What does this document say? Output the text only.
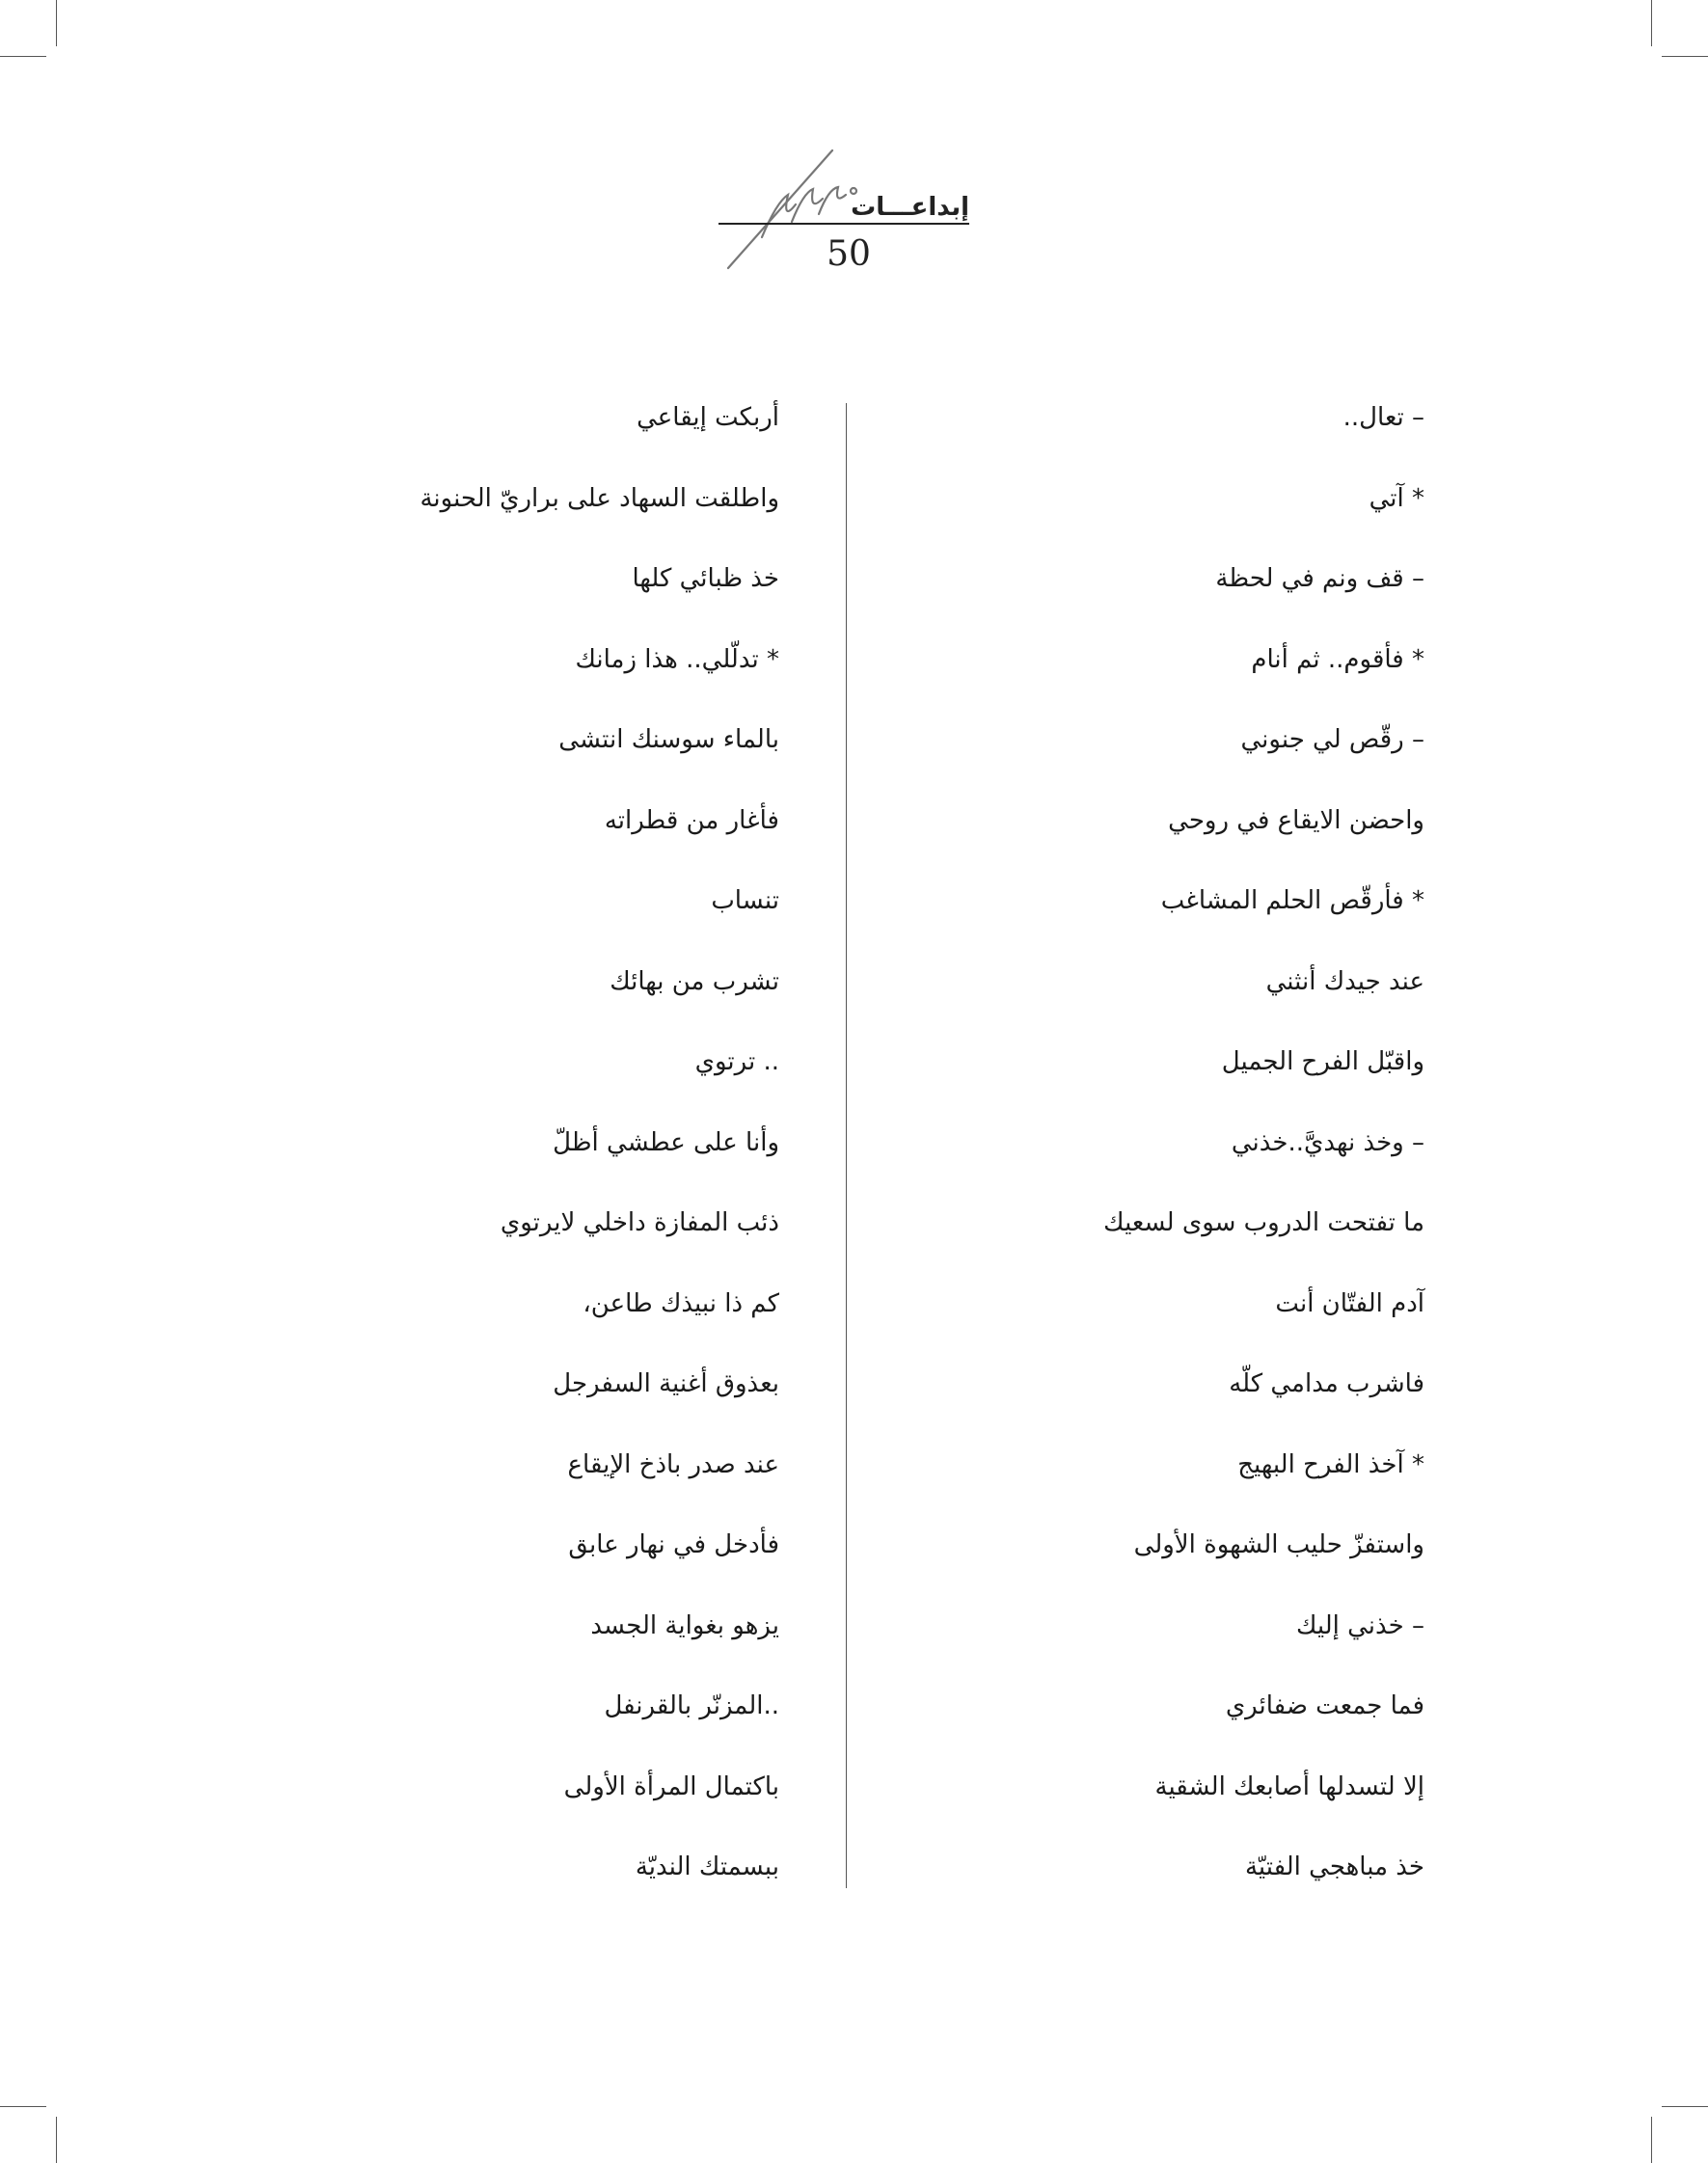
إبداعـــات
50
– تعال..
* آتي
– قف ونم في لحظة
* فأقوم.. ثم أنام
– رقّص لي جنوني
واحضن الايقاع في روحي
* فأرقّص الحلم المشاغب
عند جيدك أنثني
واقبّل الفرح الجميل
– وخذ نهديَّ..خذني
ما تفتحت الدروب سوى لسعيك
آدم الفتّان أنت
فاشرب مدامي كلّه
* آخذ الفرح البهيج
واستفزّ حليب الشهوة الأولى
– خذني إليك
فما جمعت ضفائري
إلا لتسدلها أصابعك الشقية
خذ مباهجي الفتيّة
أربكت إيقاعي
واطلقت السهاد على براريّ الحنونة
خذ ظبائي كلها
* تدلّلي.. هذا زمانك
بالماء سوسنك انتشى
فأغار من قطراته
تنساب
تشرب من بهائك
.. ترتوي
وأنا على عطشي أظلّ
ذئب المفازة داخلي لايرتوي
كم ذا نبيذك طاعن،
بعذوق أغنية السفرجل
عند صدر باذخ الإيقاع
فأدخل في نهار عابق
يزهو بغواية الجسد
..المزنّر بالقرنفل
باكتمال المرأة الأولى
ببسمتك النديّة
